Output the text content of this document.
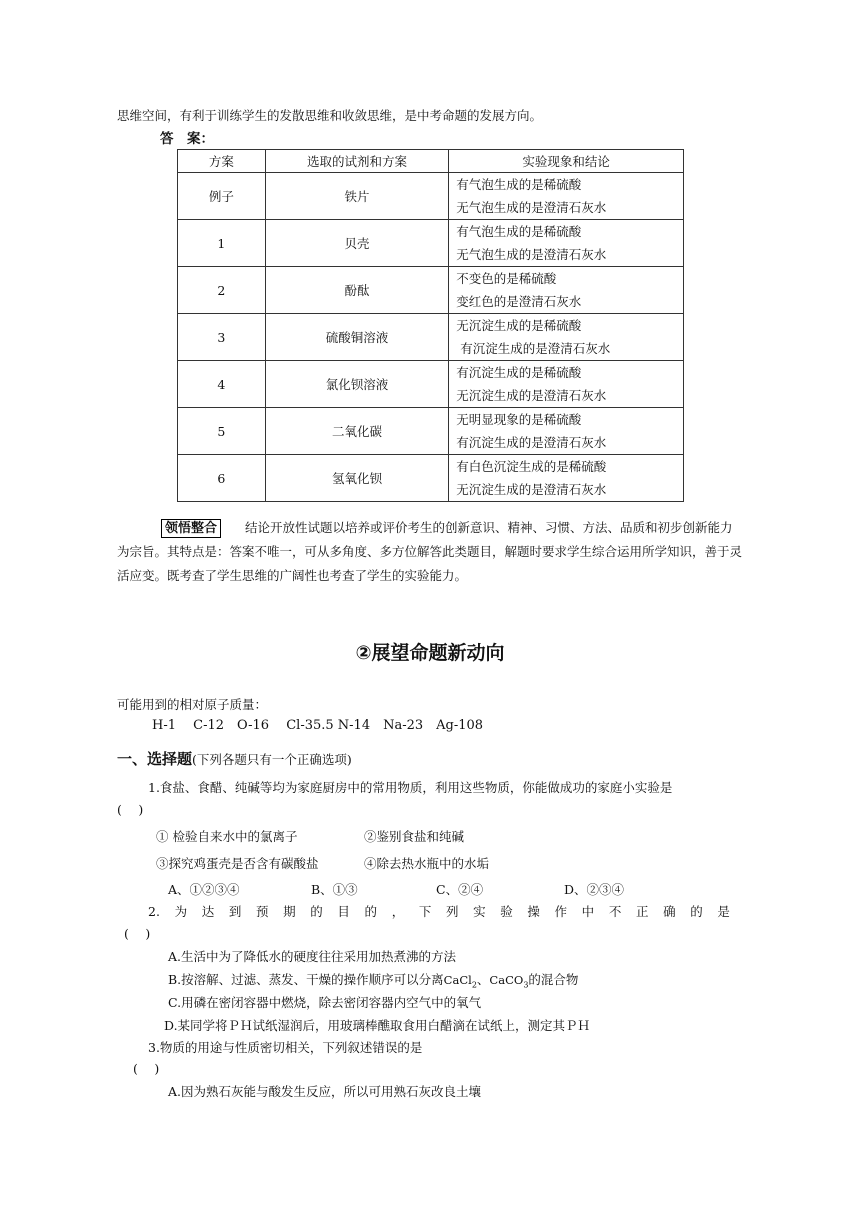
思维空间，有利于训练学生的发散思维和收敛思维，是中考命题的发展方向。
答　案：
方案	选取的试剂和方案	实验现象和结论
例子	铁片	有气泡生成的是稀硫酸
无气泡生成的是澄清石灰水

1	贝壳	有气泡生成的是稀硫酸
无气泡生成的是澄清石灰水

2	酚酞	不变色的是稀硫酸
变红色的是澄清石灰水

3	硫酸铜溶液	无沉淀生成的是稀硫酸
有沉淀生成的是澄清石灰水

4	氯化钡溶液	有沉淀生成的是稀硫酸
无沉淀生成的是澄清石灰水

5	二氧化碳	无明显现象的是稀硫酸
有沉淀生成的是澄清石灰水

6	氢氧化钡	有白色沉淀生成的是稀硫酸
无沉淀生成的是澄清石灰水
领悟整合	结论开放性试题以培养或评价考生的创新意识、精神、习惯、方法、品质和初步创新能力为宗旨。其特点是：答案不唯一，可从多角度、多方位解答此类题目，解题时要求学生综合运用所学知识，善于灵活应变。既考查了学生思维的广阔性也考查了学生的实验能力。
②展望命题新动向
可能用到的相对原子质量：
H-1　 C-12　O-16　 Cl-35.5 N-14　Na-23　Ag-108
一、选择题(下列各题只有一个正确选项)
1.食盐、食醋、纯碱等均为家庭厨房中的常用物质，利用这些物质，你能做成功的家庭小实验是
(　 )
① 检验自来水中的氯离子	②鉴别食盐和纯碱
③探究鸡蛋壳是否含有碳酸盐	④除去热水瓶中的水垢
A、①②③④	B、①③	C、②④	D、②③④
2. 为 达 到 预 期 的 目 的 ， 下 列 实 验 操 作 中 不 正 确 的 是
(　 )
A.生活中为了降低水的硬度往往采用加热煮沸的方法
B.按溶解、过滤、蒸发、干燥的操作顺序可以分离CaCl$_2$、CaCO$_3$的混合物
C.用磷在密闭容器中燃烧，除去密闭容器内空气中的氧气
D.某同学将ＰＨ试纸湿润后，用玻璃棒醮取食用白醋滴在试纸上，测定其ＰＨ
3.物质的用途与性质密切相关，下列叙述错误的是
(　 )
A.因为熟石灰能与酸发生反应，所以可用熟石灰改良土壤
